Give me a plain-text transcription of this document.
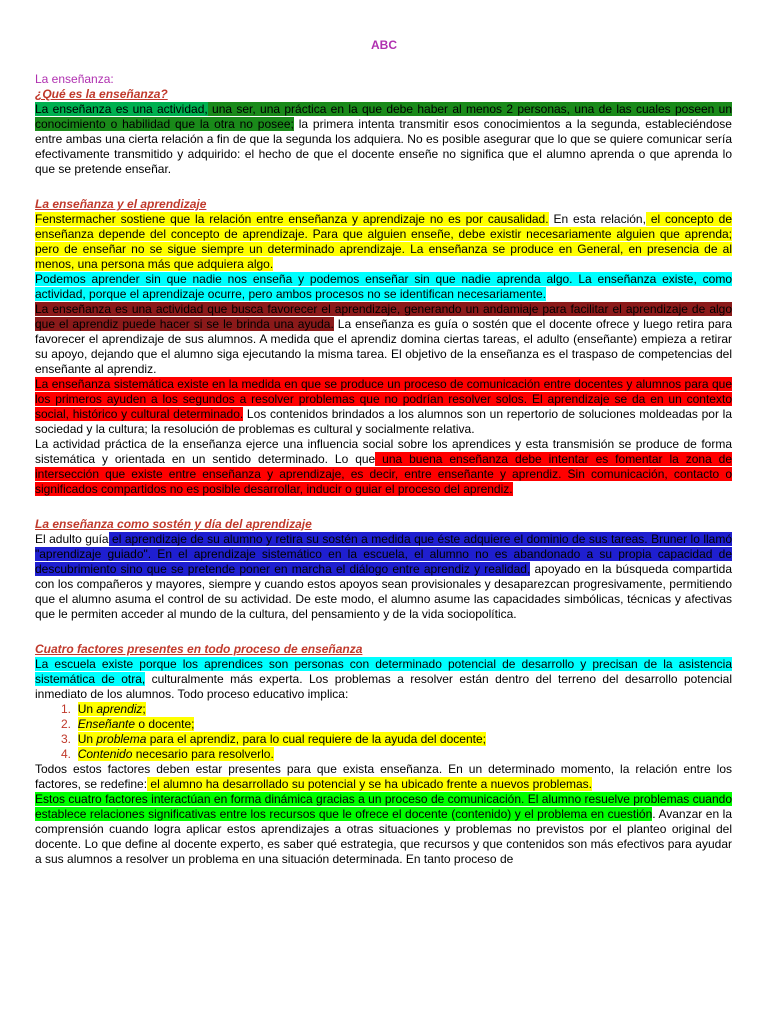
ABC

La enseñanza:

¿Qué es la enseñanza?

La enseñanza es una actividad, una ser, una práctica en la que debe haber al menos 2 personas, una de las cuales poseen un conocimiento o habilidad que la otra no posee; la primera intenta transmitir esos conocimientos a la segunda, estableciéndose entre ambas una cierta relación a fin de que la segunda los adquiera. No es posible asegurar que lo que se quiere comunicar sería efectivamente transmitido y adquirido: el hecho de que el docente enseñe no significa que el alumno aprenda o que aprenda lo que se pretende enseñar.

La enseñanza y el aprendizaje

Fenstermacher sostiene que la relación entre enseñanza y aprendizaje no es por causalidad. En esta relación, el concepto de enseñanza depende del concepto de aprendizaje. Para que alguien enseñe, debe existir necesariamente alguien que aprenda; pero de enseñar no se sigue siempre un determinado aprendizaje. La enseñanza se produce en General, en presencia de al menos, una persona más que adquiera algo.

Podemos aprender sin que nadie nos enseña y podemos enseñar sin que nadie aprenda algo. La enseñanza existe, como actividad, porque el aprendizaje ocurre, pero ambos procesos no se identifican necesariamente.

La enseñanza es una actividad que busca favorecer el aprendizaje, generando un andamiaje para facilitar el aprendizaje de algo que el aprendiz puede hacer si se le brinda una ayuda. La enseñanza es guía o sostén que el docente ofrece y luego retira para favorecer el aprendizaje de sus alumnos. A medida que el aprendiz domina ciertas tareas, el adulto (enseñante) empieza a retirar su apoyo, dejando que el alumno siga ejecutando la misma tarea. El objetivo de la enseñanza es el traspaso de competencias del enseñante al aprendiz.

La enseñanza sistemática existe en la medida en que se produce un proceso de comunicación entre docentes y alumnos para que los primeros ayuden a los segundos a resolver problemas que no podrían resolver solos. El aprendizaje se da en un contexto social, histórico y cultural determinado. Los contenidos brindados a los alumnos son un repertorio de soluciones moldeadas por la sociedad y la cultura; la resolución de problemas es cultural y socialmente relativa.

La actividad práctica de la enseñanza ejerce una influencia social sobre los aprendices y esta transmisión se produce de forma sistemática y orientada en un sentido determinado. Lo que una buena enseñanza debe intentar es fomentar la zona de intersección que existe entre enseñanza y aprendizaje, es decir, entre enseñante y aprendiz. Sin comunicación, contacto o significados compartidos no es posible desarrollar, inducir o guiar el proceso del aprendiz.

La enseñanza como sostén y día del aprendizaje

El adulto guía el aprendizaje de su alumno y retira su sostén a medida que éste adquiere el dominio de sus tareas. Bruner lo llamó "aprendizaje guiado". En el aprendizaje sistemático en la escuela, el alumno no es abandonado a su propia capacidad de descubrimiento sino que se pretende poner en marcha el diálogo entre aprendiz y realidad, apoyado en la búsqueda compartida con los compañeros y mayores, siempre y cuando estos apoyos sean provisionales y desaparezcan progresivamente, permitiendo que el alumno asuma el control de su actividad. De este modo, el alumno asume las capacidades simbólicas, técnicas y afectivas que le permiten acceder al mundo de la cultura, del pensamiento y de la vida sociopolítica.

Cuatro factores presentes en todo proceso de enseñanza

La escuela existe porque los aprendices son personas con determinado potencial de desarrollo y precisan de la asistencia sistemática de otra, culturalmente más experta. Los problemas a resolver están dentro del terreno del desarrollo potencial inmediato de los alumnos. Todo proceso educativo implica:

1. Un aprendiz;
2. Enseñante o docente;
3. Un problema para el aprendiz, para lo cual requiere de la ayuda del docente;
4. Contenido necesario para resolverlo.

Todos estos factores deben estar presentes para que exista enseñanza. En un determinado momento, la relación entre los factores, se redefine: el alumno ha desarrollado su potencial y se ha ubicado frente a nuevos problemas.

Estos cuatro factores interactúan en forma dinámica gracias a un proceso de comunicación. El alumno resuelve problemas cuando establece relaciones significativas entre los recursos que le ofrece el docente (contenido) y el problema en cuestión. Avanzar en la comprensión cuando logra aplicar estos aprendizajes a otras situaciones y problemas no previstos por el planteo original del docente. Lo que define al docente experto, es saber qué estrategia, que recursos y que contenidos son más efectivos para ayudar a sus alumnos a resolver un problema en una situación determinada. En tanto proceso de
